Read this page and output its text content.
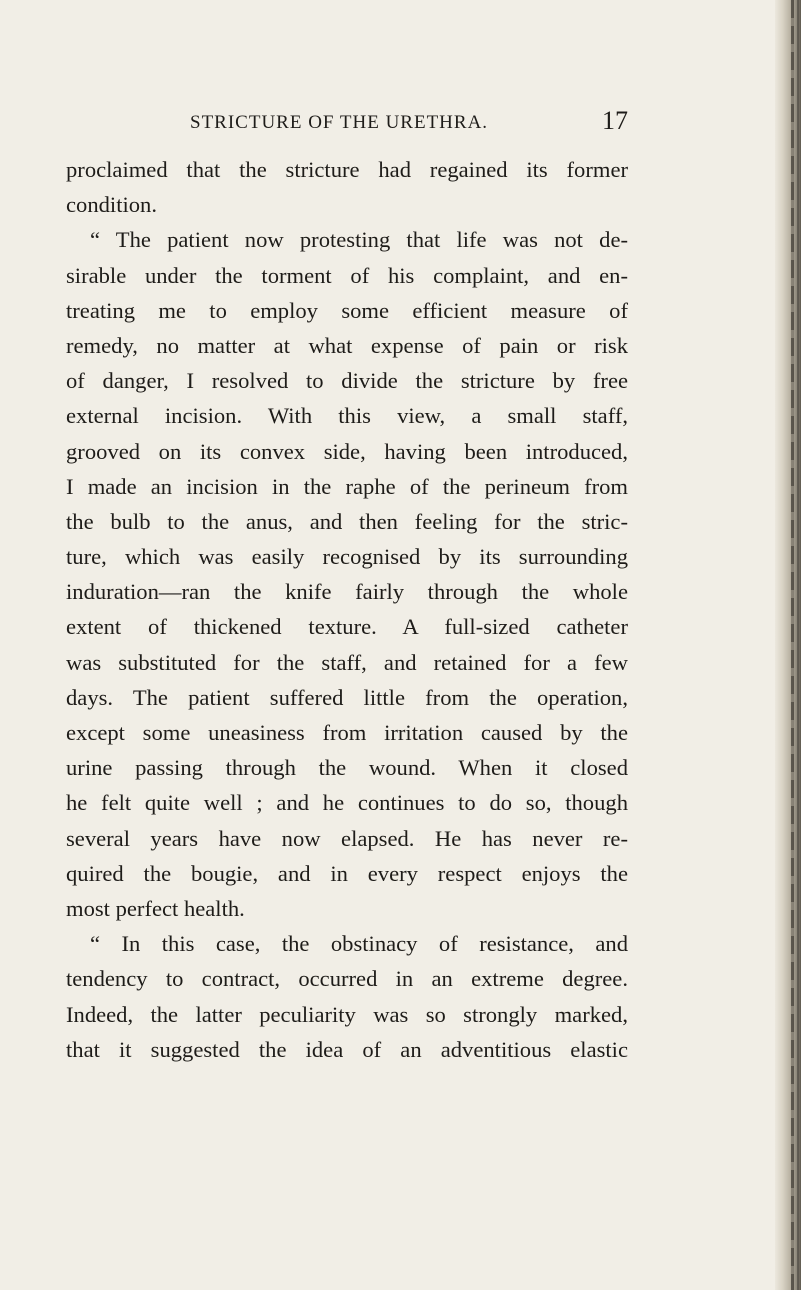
STRICTURE OF THE URETHRA.	17
proclaimed that the stricture had regained its former
condition.
“ The patient now protesting that life was not de-
sirable under the torment of his complaint, and en-
treating me to employ some efficient measure of
remedy, no matter at what expense of pain or risk
of danger, I resolved to divide the stricture by free
external incision. With this view, a small staff,
grooved on its convex side, having been introduced,
I made an incision in the raphe of the perineum from
the bulb to the anus, and then feeling for the stric-
ture, which was easily recognised by its surrounding
induration—ran the knife fairly through the whole
extent of thickened texture. A full-sized catheter
was substituted for the staff, and retained for a few
days. The patient suffered little from the operation,
except some uneasiness from irritation caused by the
urine passing through the wound. When it closed
he felt quite well ; and he continues to do so, though
several years have now elapsed. He has never re-
quired the bougie, and in every respect enjoys the
most perfect health.
“ In this case, the obstinacy of resistance, and
tendency to contract, occurred in an extreme degree.
Indeed, the latter peculiarity was so strongly marked,
that it suggested the idea of an adventitious elastic
